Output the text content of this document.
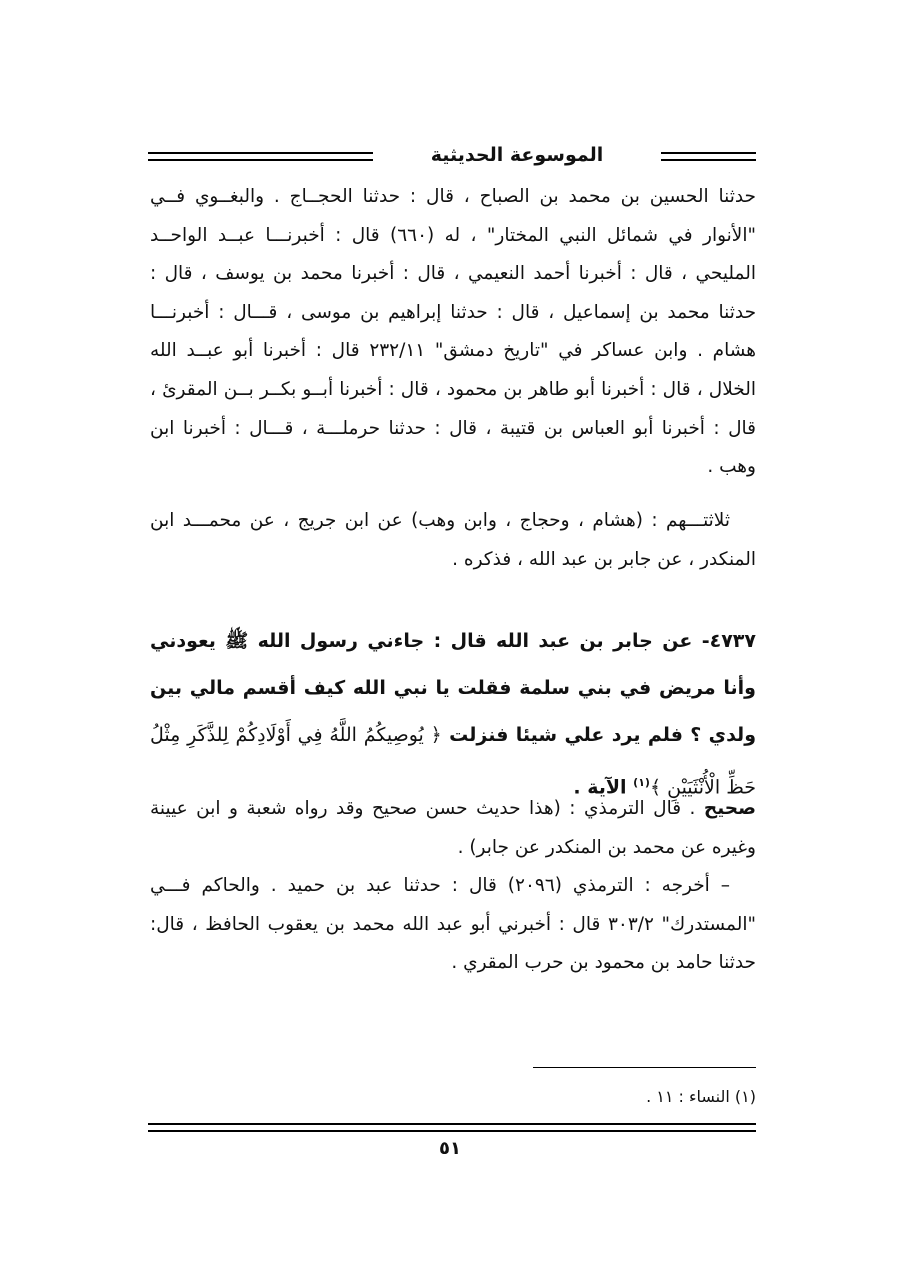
الموسوعة الحديثية

حدثنا الحسين بن محمد بن الصباح ، قال : حدثنا الحجــاج . والبغــوي فــي "الأنوار في شمائل النبي المختار" ، له (٦٦٠) قال : أخبرنـــا عبــد الواحــد المليحي ، قال : أخبرنا أحمد النعيمي ، قال : أخبرنا محمد بن يوسف ، قال : حدثنا محمد بن إسماعيل ، قال : حدثنا إبراهيم بن موسى ، قـــال : أخبرنـــا هشام . وابن عساكر في "تاريخ دمشق" ٢٣٢/١١ قال : أخبرنا أبو عبــد الله الخلال ، قال : أخبرنا أبو طاهر بن محمود ، قال : أخبرنا أبــو بكــر بــن المقرئ ، قال : أخبرنا أبو العباس بن قتيبة ، قال : حدثنا حرملـــة ، قـــال : أخبرنا ابن وهب .

ثلاثتـــهم : (هشام ، وحجاج ، وابن وهب) عن ابن جريج ، عن محمـــد ابن المنكدر ، عن جابر بن عبد الله ، فذكره .

٤٧٣٧- عن جابر بن عبد الله قال : جاءني رسول الله ﷺ يعودني وأنا مريض في بني سلمة فقلت يا نبي الله كيف أقسم مالي بين ولدي ؟ فلم يرد علي شيئا فنزلت ﴿ يُوصِيكُمُ اللَّهُ فِي أَوْلَادِكُمْ لِلذَّكَرِ مِثْلُ حَظِّ الْأُنْثَيَيْنِ ﴾$^{(١)}$ الآية .

صحيح . قال الترمذي : (هذا حديث حسن صحيح وقد رواه شعبة و ابن عيينة وغيره عن محمد بن المنكدر عن جابر) .

– أخرجه : الترمذي (٢٠٩٦) قال : حدثنا عبد بن حميد . والحاكم فـــي "المستدرك" ٣٠٣/٢ قال : أخبرني أبو عبد الله محمد بن يعقوب الحافظ ، قال: حدثنا حامد بن محمود بن حرب المقري .

(١) النساء : ١١ .
٥١
